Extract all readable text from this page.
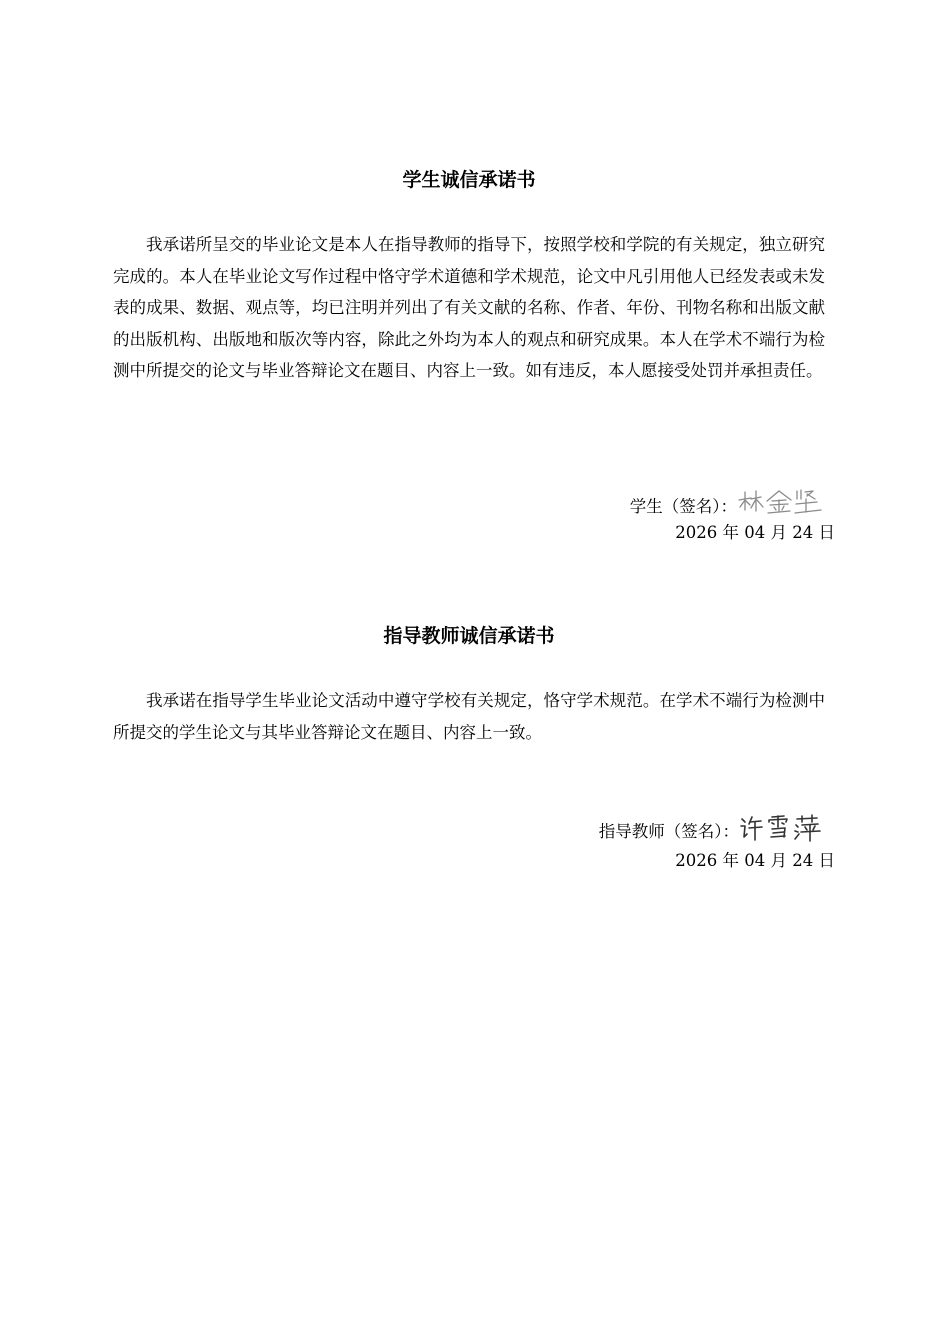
学生诚信承诺书

我承诺所呈交的毕业论文是本人在指导教师的指导下，按照学校和学院的有关规定，独立研究完成的。本人在毕业论文写作过程中恪守学术道德和学术规范，论文中凡引用他人已经发表或未发表的成果、数据、观点等，均已注明并列出了有关文献的名称、作者、年份、刊物名称和出版文献的出版机构、出版地和版次等内容，除此之外均为本人的观点和研究成果。本人在学术不端行为检测中所提交的论文与毕业答辩论文在题目、内容上一致。如有违反，本人愿接受处罚并承担责任。

学生（签名）：
2026 年 04 月 24 日
指导教师诚信承诺书

我承诺在指导学生毕业论文活动中遵守学校有关规定，恪守学术规范。在学术不端行为检测中所提交的学生论文与其毕业答辩论文在题目、内容上一致。

指导教师（签名）：
2026 年 04 月 24 日
